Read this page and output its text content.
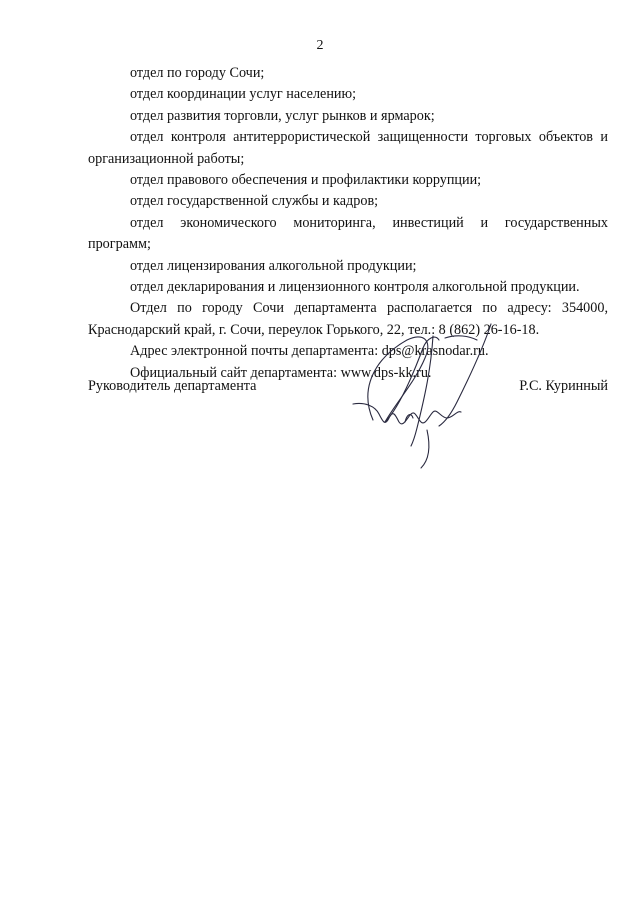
2

отдел по городу Сочи;

отдел координации услуг населению;

отдел развития торговли, услуг рынков и ярмарок;

отдел контроля антитеррористической защищенности торговых объектов и организационной работы;

отдел правового обеспечения и профилактики коррупции;

отдел государственной службы и кадров;

отдел экономического мониторинга, инвестиций и государственных программ;

отдел лицензирования алкогольной продукции;

отдел декларирования и лицензионного контроля алкогольной продукции.

Отдел по городу Сочи департамента располагается по адресу: 354000, Краснодарский край, г. Сочи, переулок Горького, 22, тел.: 8 (862) 26-16-18.

Адрес электронной почты департамента: dps@krasnodar.ru.

Официальный сайт департамента: www.dps-kk.ru.

Руководитель департамента	Р.С. Куринный
